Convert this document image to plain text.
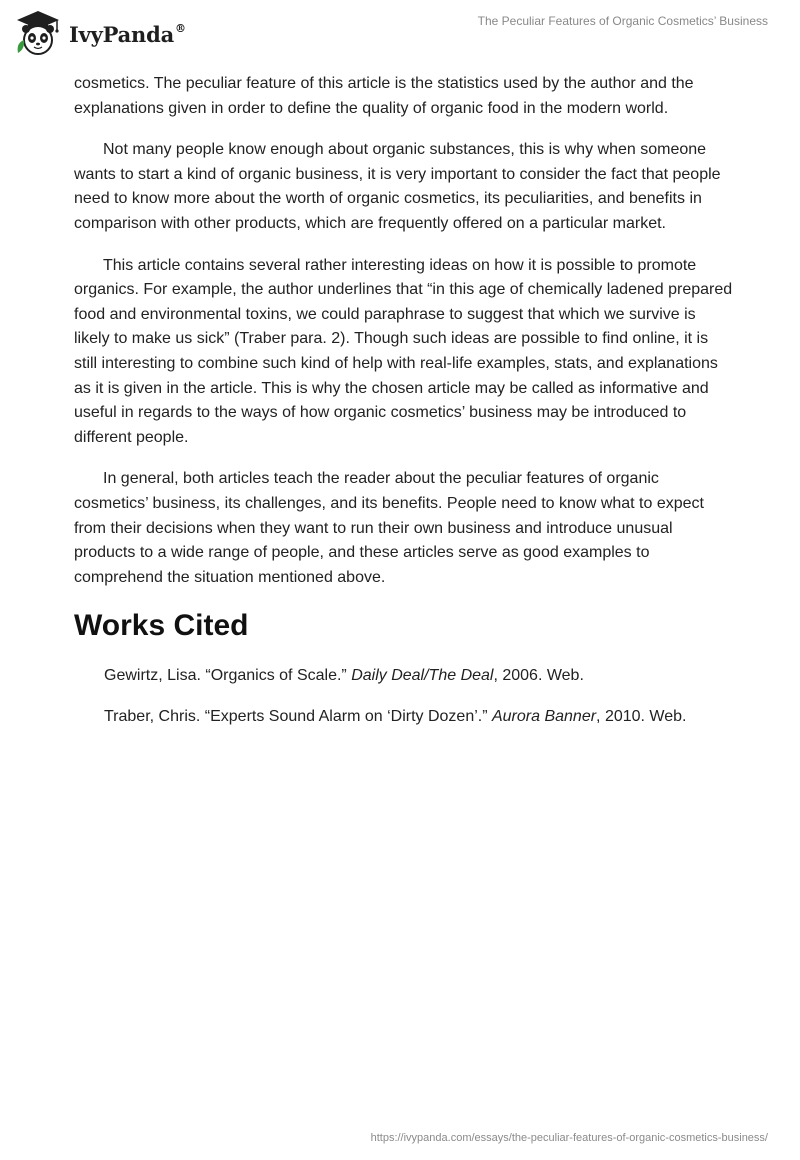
IvyPanda®	The Peculiar Features of Organic Cosmetics’ Business

cosmetics. The peculiar feature of this article is the statistics used by the author and the explanations given in order to define the quality of organic food in the modern world.

Not many people know enough about organic substances, this is why when someone wants to start a kind of organic business, it is very important to consider the fact that people need to know more about the worth of organic cosmetics, its peculiarities, and benefits in comparison with other products, which are frequently offered on a particular market.

This article contains several rather interesting ideas on how it is possible to promote organics. For example, the author underlines that “in this age of chemically ladened prepared food and environmental toxins, we could paraphrase to suggest that which we survive is likely to make us sick” (Traber para. 2). Though such ideas are possible to find online, it is still interesting to combine such kind of help with real-life examples, stats, and explanations as it is given in the article. This is why the chosen article may be called as informative and useful in regards to the ways of how organic cosmetics’ business may be introduced to different people.

In general, both articles teach the reader about the peculiar features of organic cosmetics’ business, its challenges, and its benefits. People need to know what to expect from their decisions when they want to run their own business and introduce unusual products to a wide range of people, and these articles serve as good examples to comprehend the situation mentioned above.

Works Cited

Gewirtz, Lisa. “Organics of Scale.” Daily Deal/The Deal, 2006. Web.

Traber, Chris. “Experts Sound Alarm on ‘Dirty Dozen’.” Aurora Banner, 2010. Web.

https://ivypanda.com/essays/the-peculiar-features-of-organic-cosmetics-business/
